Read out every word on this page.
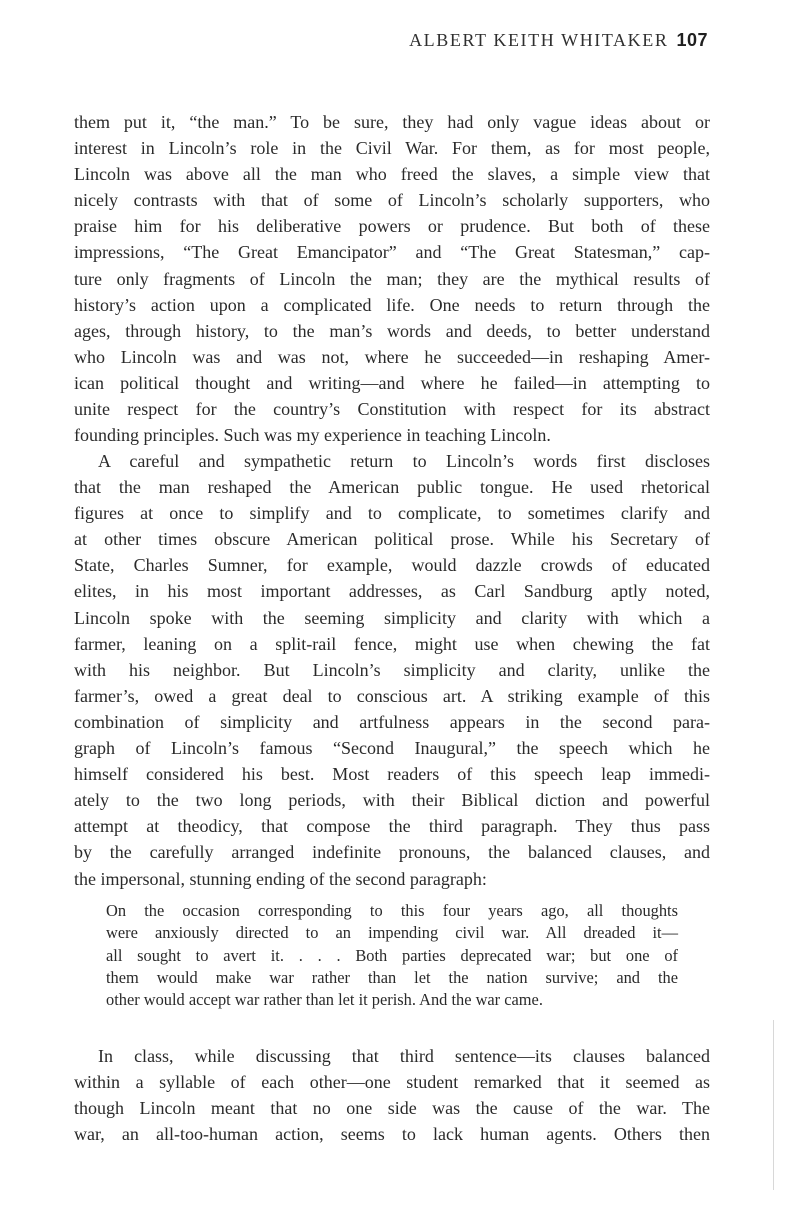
ALBERT KEITH WHITAKER 107
them put it, “the man.” To be sure, they had only vague ideas about or
interest in Lincoln’s role in the Civil War. For them, as for most people,
Lincoln was above all the man who freed the slaves, a simple view that
nicely contrasts with that of some of Lincoln’s scholarly supporters, who
praise him for his deliberative powers or prudence. But both of these
impressions, “The Great Emancipator” and “The Great Statesman,” cap-
ture only fragments of Lincoln the man; they are the mythical results of
history’s action upon a complicated life. One needs to return through the
ages, through history, to the man’s words and deeds, to better understand
who Lincoln was and was not, where he succeeded—in reshaping Amer-
ican political thought and writing—and where he failed—in attempting to
unite respect for the country’s Constitution with respect for its abstract
founding principles. Such was my experience in teaching Lincoln.
A careful and sympathetic return to Lincoln’s words first discloses
that the man reshaped the American public tongue. He used rhetorical
figures at once to simplify and to complicate, to sometimes clarify and
at other times obscure American political prose. While his Secretary of
State, Charles Sumner, for example, would dazzle crowds of educated
elites, in his most important addresses, as Carl Sandburg aptly noted,
Lincoln spoke with the seeming simplicity and clarity with which a
farmer, leaning on a split-rail fence, might use when chewing the fat
with his neighbor. But Lincoln’s simplicity and clarity, unlike the
farmer’s, owed a great deal to conscious art. A striking example of this
combination of simplicity and artfulness appears in the second para-
graph of Lincoln’s famous “Second Inaugural,” the speech which he
himself considered his best. Most readers of this speech leap immedi-
ately to the two long periods, with their Biblical diction and powerful
attempt at theodicy, that compose the third paragraph. They thus pass
by the carefully arranged indefinite pronouns, the balanced clauses, and
the impersonal, stunning ending of the second paragraph:
On the occasion corresponding to this four years ago, all thoughts
were anxiously directed to an impending civil war. All dreaded it—
all sought to avert it. . . . Both parties deprecated war; but one of
them would make war rather than let the nation survive; and the
other would accept war rather than let it perish. And the war came.
In class, while discussing that third sentence—its clauses balanced
within a syllable of each other—one student remarked that it seemed as
though Lincoln meant that no one side was the cause of the war. The
war, an all-too-human action, seems to lack human agents. Others then
